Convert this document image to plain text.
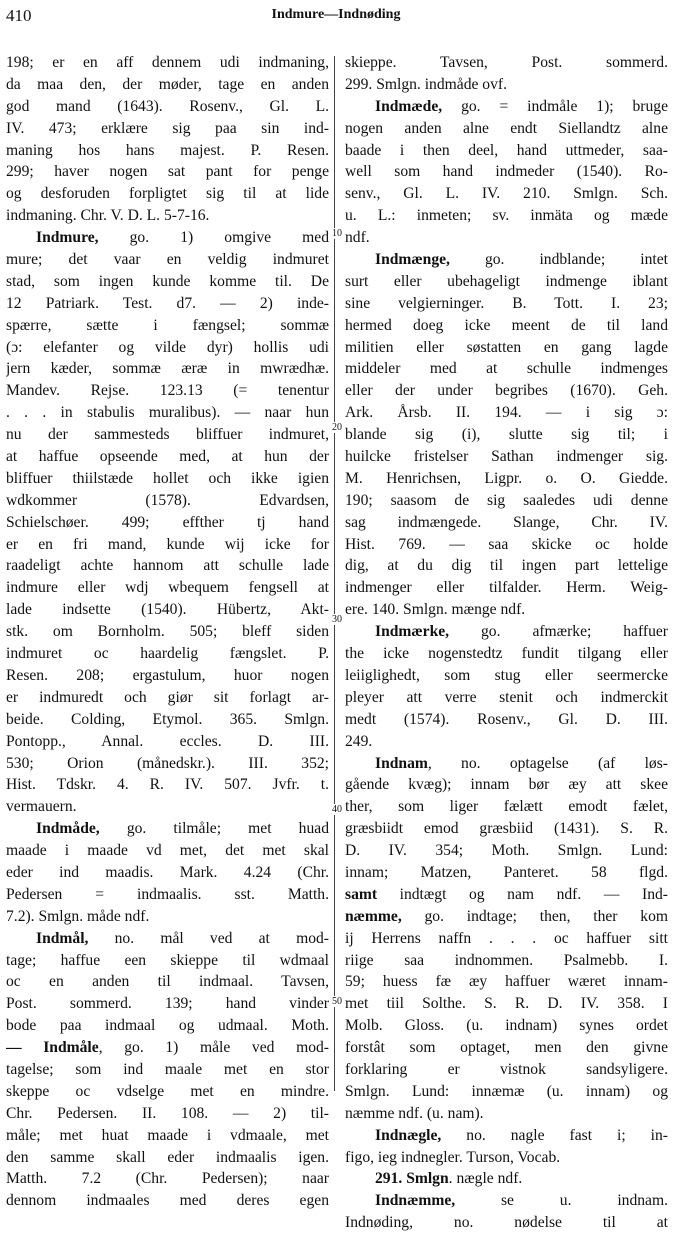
410	Indmure—Indnøding
10
20
30
40
50
198; er en aff dennem udi indmaning,
da maa den, der møder, tage en anden
god mand (1643). Rosenv., Gl. L.
IV. 473; erklære sig paa sin ind-
maning hos hans majest. P. Resen.
299; haver nogen sat pant for penge
og desforuden forpligtet sig til at lide
indmaning. Chr. V. D. L. 5-7-16.
Indmure, go. 1) omgive med
mure; det vaar en veldig indmuret
stad, som ingen kunde komme til. De
12 Patriark. Test. d7. — 2) inde-
spærre, sætte i fængsel; sommæ
(ɔ: elefanter og vilde dyr) hollis udi
jern kæder, sommæ æræ in mwrædhæ.
Mandev. Rejse. 123.13 (= tenentur
. . . in stabulis muralibus). — naar hun
nu der sammesteds bliffuer indmuret,
at haffue opseende med, at hun der
bliffuer thiilstæde hollet och ikke igien
wdkommer (1578). Edvardsen,
Schielschøer. 499; effther tj hand
er en fri mand, kunde wij icke for
raadeligt achte hannom att schulle lade
indmure eller wdj wbequem fengsell at
lade indsette (1540). Hübertz, Akt-
stk. om Bornholm. 505; bleff siden
indmuret oc haardelig fængslet. P.
Resen. 208; ergastulum, huor nogen
er indmuredt och giør sit forlagt ar-
beide. Colding, Etymol. 365. Smlgn.
Pontopp., Annal. eccles. D. III.
530; Orion (månedskr.). III. 352;
Hist. Tdskr. 4. R. IV. 507. Jvfr. t.
vermauern.
Indmåde, go. tilmåle; met huad
maade i maade vd met, det met skal
eder ind maadis. Mark. 4.24 (Chr.
Pedersen = indmaalis. sst. Matth.
7.2). Smlgn. måde ndf.
Indmål, no. mål ved at mod-
tage; haffue een skieppe til wdmaal
oc en anden til indmaal. Tavsen,
Post. sommerd. 139; hand vinder
bode paa indmaal og udmaal. Moth.
— Indmåle, go. 1) måle ved mod-
tagelse; som ind maale met en stor
skeppe oc vdselge met en mindre.
Chr. Pedersen. II. 108. — 2) til-
måle; met huat maade i vdmaale, met
den samme skall eder indmaalis igen.
Matth. 7.2 (Chr. Pedersen); naar
dennom indmaales med deres egen
skieppe. Tavsen, Post. sommerd.
299. Smlgn. indmåde ovf.
Indmæde, go. = indmåle 1); bruge
nogen anden alne endt Siellandtz alne
baade i then deel, hand uttmeder, saa-
well som hand indmeder (1540). Ro-
senv., Gl. L. IV. 210. Smlgn. Sch.
u. L.: inmeten; sv. inmäta og mæde
ndf.
Indmænge, go. indblande; intet
surt eller ubehageligt indmenge iblant
sine velgierninger. B. Tott. I. 23;
hermed doeg icke meent de til land
militien eller søstatten en gang lagde
middeler med at schulle indmenges
eller der under begribes (1670). Geh.
Ark. Årsb. II. 194. — i sig ɔ:
blande sig (i), slutte sig til; i
huilcke fristelser Sathan indmenger sig.
M. Henrichsen, Ligpr. o. O. Giedde.
190; saasom de sig saaledes udi denne
sag indmængede. Slange, Chr. IV.
Hist. 769. — saa skicke oc holde
dig, at du dig til ingen part lettelige
indmenger eller tilfalder. Herm. Weig-
ere. 140. Smlgn. mænge ndf.
Indmærke, go. afmærke; haffuer
the icke nogenstedtz fundit tilgang eller
leiiglighedt, som stug eller seermercke
pleyer att verre stenit och indmerckit
medt (1574). Rosenv., Gl. D. III.
249.
Indnam, no. optagelse (af løs-
gående kvæg); innam bør æy att skee
ther, som liger fælætt emodt fælet,
græsbiidt emod græsbiid (1431). S. R.
D. IV. 354; Moth. Smlgn. Lund:
innam; Matzen, Panteret. 58 flgd.
samt indtægt og nam ndf. — Ind-
næmme, go. indtage; then, ther kom
ij Herrens naffn . . . oc haffuer sitt
riige saa indnommen. Psalmebb. I.
59; huess fæ æy haffuer wæret innam-
met tiil Solthe. S. R. D. IV. 358. I
Molb. Gloss. (u. indnam) synes ordet
forstât som optaget, men den givne
forklaring er vistnok sandsyligere.
Smlgn. Lund: innæmæ (u. innam) og
næmme ndf. (u. nam).
Indnægle, no. nagle fast i; in-
figo, ieg indnegler. Turson, Vocab.
291. Smlgn. nægle ndf.
Indnæmme, se u. indnam.
Indnøding, no. nødelse til at
